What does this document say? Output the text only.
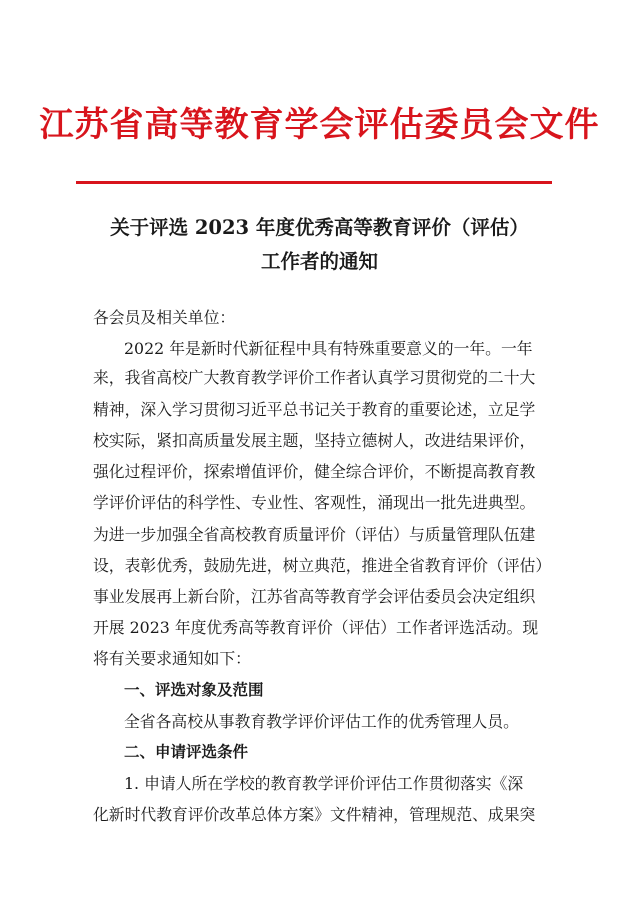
江苏省高等教育学会评估委员会文件
关于评选 2023 年度优秀高等教育评价（评估）
工作者的通知
各会员及相关单位：
2022 年是新时代新征程中具有特殊重要意义的一年。一年
来，我省高校广大教育教学评价工作者认真学习贯彻党的二十大
精神，深入学习贯彻习近平总书记关于教育的重要论述，立足学
校实际，紧扣高质量发展主题，坚持立德树人，改进结果评价，
强化过程评价，探索增值评价，健全综合评价，不断提高教育教
学评价评估的科学性、专业性、客观性，涌现出一批先进典型。
为进一步加强全省高校教育质量评价（评估）与质量管理队伍建
设，表彰优秀，鼓励先进，树立典范，推进全省教育评价（评估）
事业发展再上新台阶，江苏省高等教育学会评估委员会决定组织
开展 2023 年度优秀高等教育评价（评估）工作者评选活动。现
将有关要求通知如下：
一、评选对象及范围
全省各高校从事教育教学评价评估工作的优秀管理人员。
二、申请评选条件
1. 申请人所在学校的教育教学评价评估工作贯彻落实《深
化新时代教育评价改革总体方案》文件精神，管理规范、成果突
